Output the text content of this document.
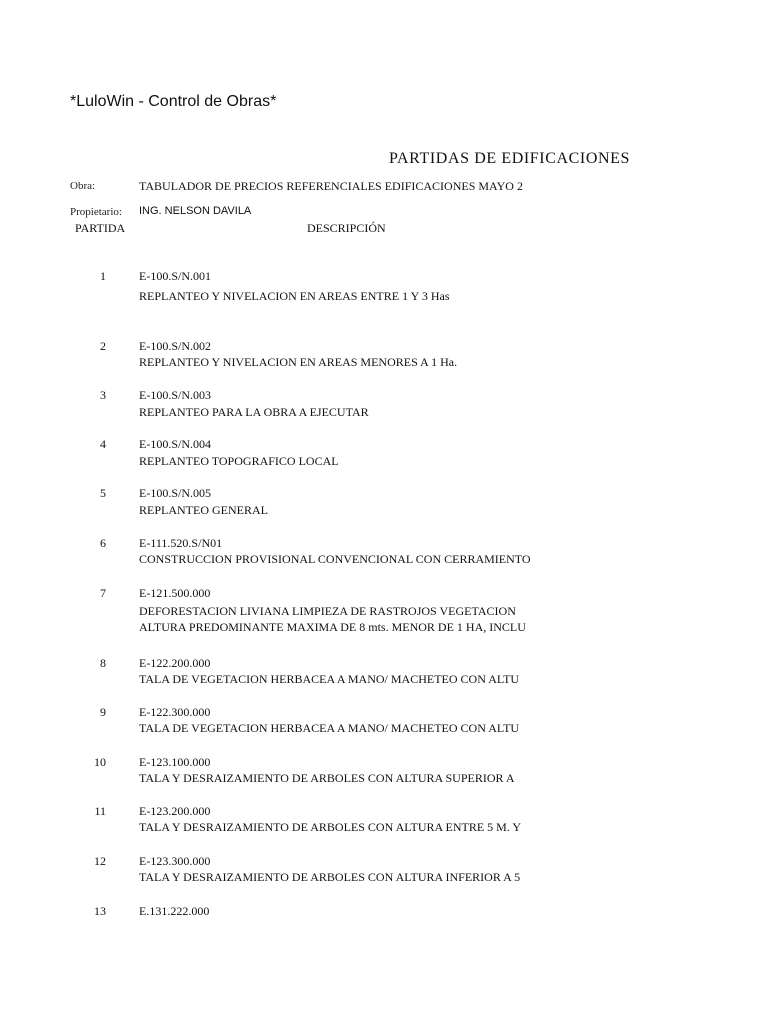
*LuloWin - Control de Obras*
PARTIDAS DE EDIFICACIONES
Obra:	TABULADOR DE PRECIOS REFERENCIALES EDIFICACIONES MAYO 2
Propietario: ING. NELSON DAVILA
PARTIDA	DESCRIPCIÓN
1	E-100.S/N.001
REPLANTEO Y NIVELACION EN AREAS ENTRE 1 Y 3 Has
2	E-100.S/N.002
REPLANTEO Y NIVELACION EN AREAS MENORES A 1 Ha.
3	E-100.S/N.003
REPLANTEO PARA LA OBRA A EJECUTAR
4	E-100.S/N.004
REPLANTEO TOPOGRAFICO LOCAL
5	E-100.S/N.005
REPLANTEO GENERAL
6	E-111.520.S/N01
CONSTRUCCION PROVISIONAL CONVENCIONAL CON CERRAMIENTO
7	E-121.500.000
DEFORESTACION LIVIANA LIMPIEZA DE RASTROJOS VEGETACION
ALTURA PREDOMINANTE MAXIMA DE 8 mts. MENOR DE 1 HA, INCLU
8	E-122.200.000
TALA DE VEGETACION HERBACEA A MANO/ MACHETEO CON ALTU
9	E-122.300.000
TALA DE VEGETACION HERBACEA A MANO/ MACHETEO CON ALTU
10	E-123.100.000
TALA Y DESRAIZAMIENTO DE ARBOLES CON ALTURA SUPERIOR A
11	E-123.200.000
TALA Y DESRAIZAMIENTO DE ARBOLES CON ALTURA ENTRE 5 M. Y
12	E-123.300.000
TALA Y DESRAIZAMIENTO DE ARBOLES CON ALTURA INFERIOR A 5
13	E.131.222.000
